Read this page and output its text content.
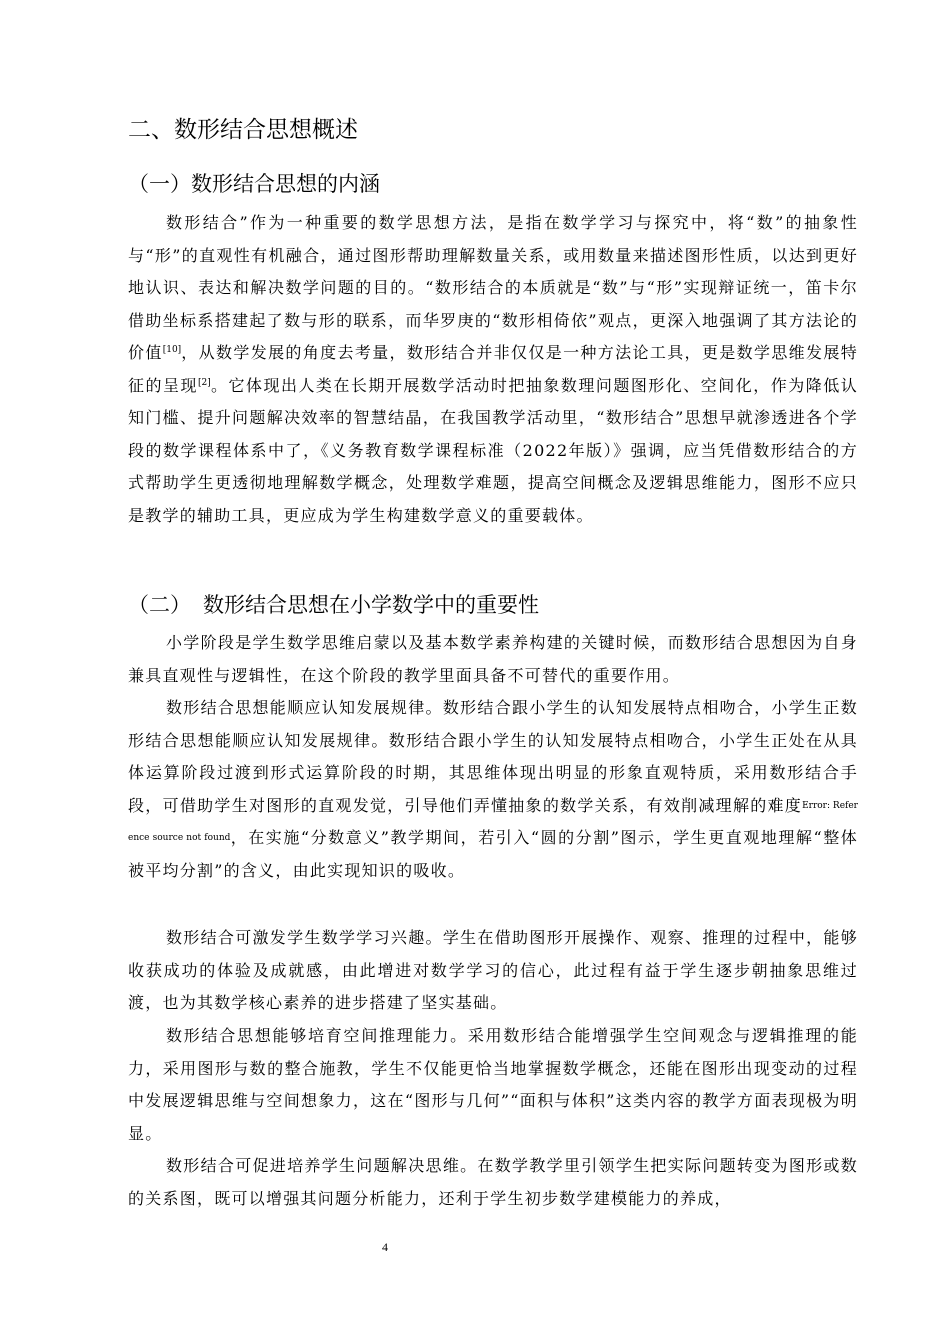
二、数形结合思想概述
（一）数形结合思想的内涵

数形结合”作为一种重要的数学思想方法，是指在数学学习与探究中，将“数”的抽象性与“形”的直观性有机融合，通过图形帮助理解数量关系，或用数量来描述图形性质，以达到更好地认识、表达和解决数学问题的目的。“数形结合的本质就是“数”与“形”实现辩证统一，笛卡尔借助坐标系搭建起了数与形的联系，而华罗庚的“数形相倚依”观点，更深入地强调了其方法论的价值[10]，从数学发展的角度去考量，数形结合并非仅仅是一种方法论工具，更是数学思维发展特征的呈现[2]。它体现出人类在长期开展数学活动时把抽象数理问题图形化、空间化，作为降低认知门槛、提升问题解决效率的智慧结晶，在我国教学活动里，“数形结合”思想早就渗透进各个学段的数学课程体系中了，《义务教育数学课程标准（2022年版）》强调，应当凭借数形结合的方式帮助学生更透彻地理解数学概念，处理数学难题，提高空间概念及逻辑思维能力，图形不应只是教学的辅助工具，更应成为学生构建数学意义的重要载体。

（二） 数形结合思想在小学数学中的重要性

小学阶段是学生数学思维启蒙以及基本数学素养构建的关键时候，而数形结合思想因为自身兼具直观性与逻辑性，在这个阶段的教学里面具备不可替代的重要作用。

数形结合思想能顺应认知发展规律。数形结合跟小学生的认知发展特点相吻合，小学生正数形结合思想能顺应认知发展规律。数形结合跟小学生的认知发展特点相吻合，小学生正处在从具体运算阶段过渡到形式运算阶段的时期，其思维体现出明显的形象直观特质，采用数形结合手段，可借助学生对图形的直观发觉，引导他们弄懂抽象的数学关系，有效削减理解的难度Error: Reference source not found，在实施“分数意义”教学期间，若引入“圆的分割”图示，学生更直观地理解“整体被平均分割”的含义，由此实现知识的吸收。

数形结合可激发学生数学学习兴趣。学生在借助图形开展操作、观察、推理的过程中，能够收获成功的体验及成就感，由此增进对数学学习的信心，此过程有益于学生逐步朝抽象思维过渡，也为其数学核心素养的进步搭建了坚实基础。

数形结合思想能够培育空间推理能力。采用数形结合能增强学生空间观念与逻辑推理的能力，采用图形与数的整合施教，学生不仅能更恰当地掌握数学概念，还能在图形出现变动的过程中发展逻辑思维与空间想象力，这在“图形与几何”“面积与体积”这类内容的教学方面表现极为明显。

数形结合可促进培养学生问题解决思维。在数学教学里引领学生把实际问题转变为图形或数的关系图，既可以增强其问题分析能力，还利于学生初步数学建模能力的养成，

4
